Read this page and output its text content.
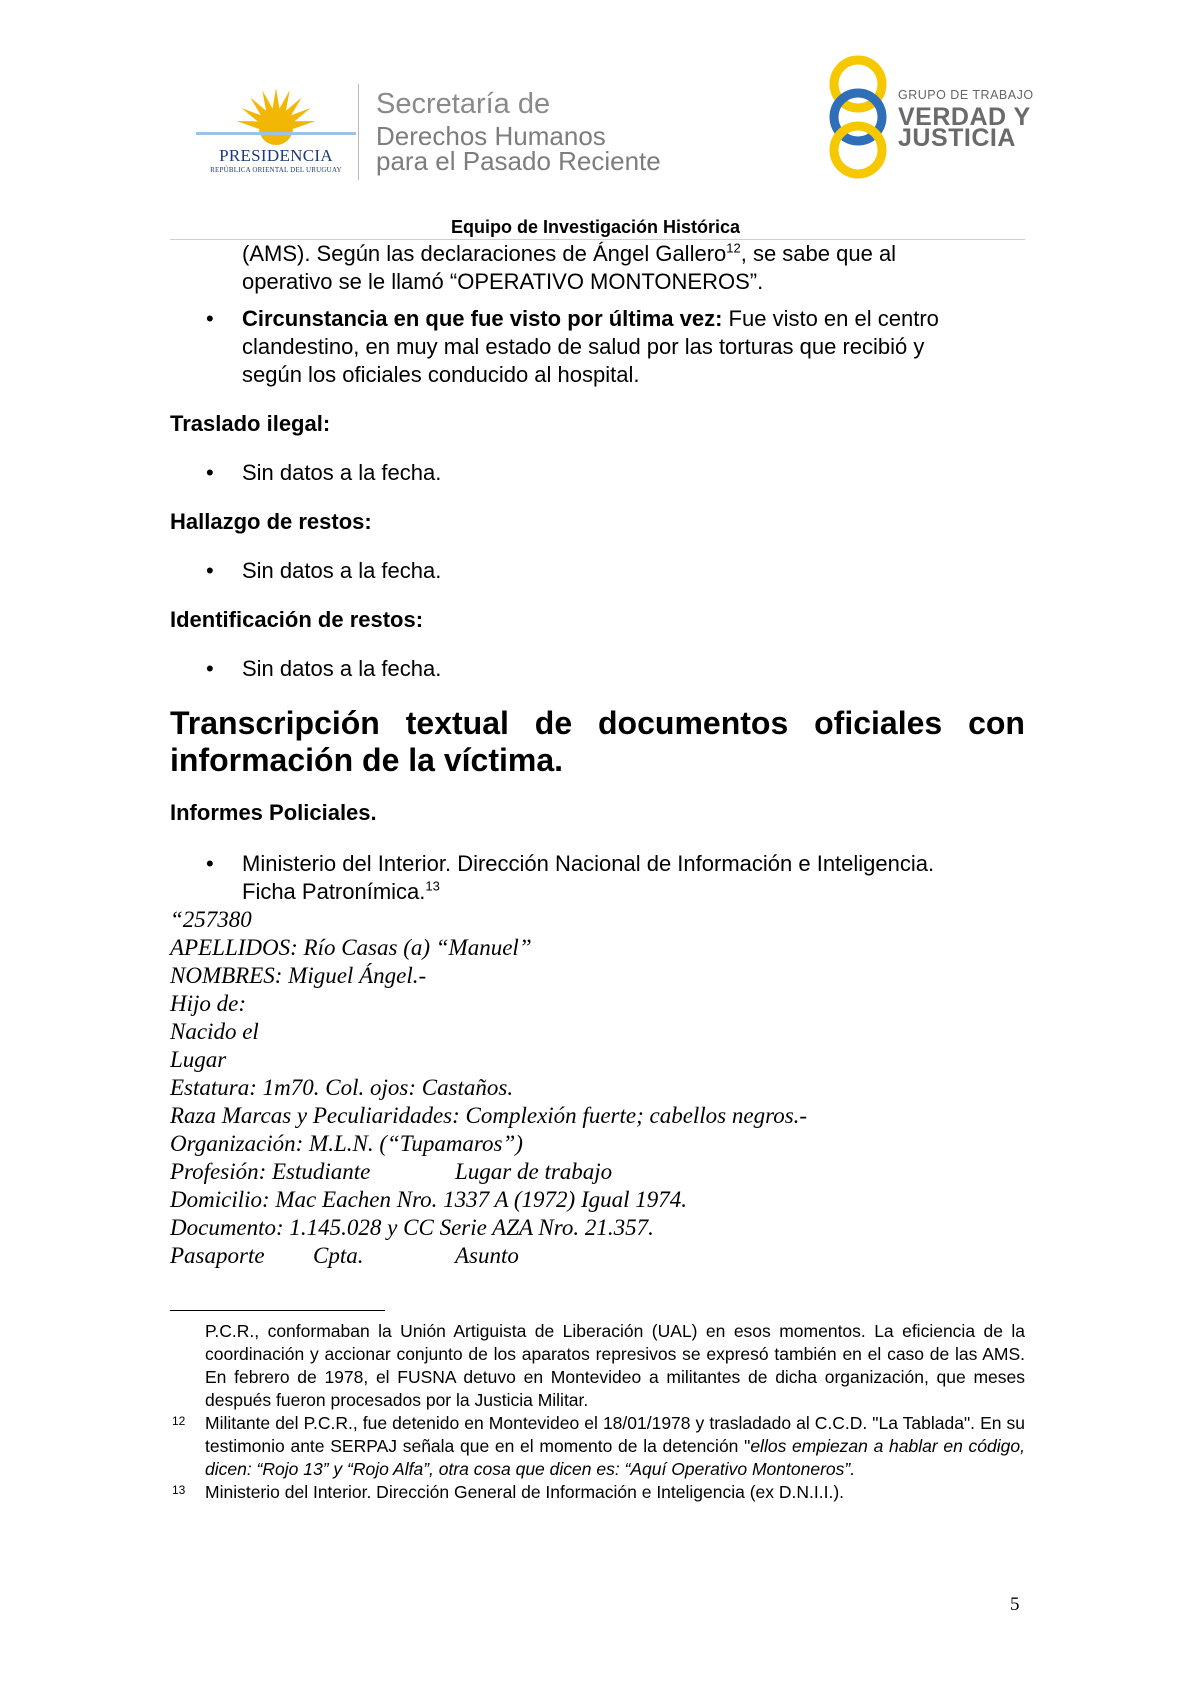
PRESIDENCIA
REPÚBLICA ORIENTAL DEL URUGUAY
Secretaría de
Derechos Humanos
para el Pasado Reciente
GRUPO DE TRABAJO
VERDAD Y
JUSTICIA
Equipo de Investigación Histórica

(AMS). Según las declaraciones de Ángel Gallero$^{12}$, se sabe que al

operativo se le llamó “OPERATIVO MONTONEROS”.

• Circunstancia en que fue visto por última vez: Fue visto en el centro

clandestino, en muy mal estado de salud por las torturas que recibió y

según los oficiales conducido al hospital.

Traslado ilegal:

• Sin datos a la fecha.

Hallazgo de restos:

• Sin datos a la fecha.

Identificación de restos:

• Sin datos a la fecha.

Transcripción textual de documentos oficiales con
información de la víctima.

Informes Policiales.

• Ministerio del Interior. Dirección Nacional de Información e Inteligencia.

Ficha Patronímica.$^{13}$

“257380

APELLIDOS: Río Casas (a) “Manuel”

NOMBRES: Miguel Ángel.-

Hijo de:

Nacido el

Lugar

Estatura: 1m70. Col. ojos: Castaños.

Raza Marcas y Peculiaridades: Complexión fuerte; cabellos negros.-

Organización: M.L.N. (“Tupamaros”)

Profesión: Estudiante	Lugar de trabajo

Domicilio: Mac Eachen Nro. 1337 A (1972) Igual 1974.

Documento: 1.145.028 y CC Serie AZA Nro. 21.357.

Pasaporte Cpta.	Asunto

P.C.R., conformaban la Unión Artiguista de Liberación (UAL) en esos momentos. La eficiencia de la coordinación y accionar conjunto de los aparatos represivos se expresó también en el caso de las AMS. En febrero de 1978, el FUSNA detuvo en Montevideo a militantes de dicha organización, que meses después fueron procesados por la Justicia Militar.

12 Militante del P.C.R., fue detenido en Montevideo el 18/01/1978 y trasladado al C.C.D. "La Tablada". En su testimonio ante SERPAJ señala que en el momento de la detención "ellos empiezan a hablar en código, dicen: “Rojo 13” y “Rojo Alfa”, otra cosa que dicen es: “Aquí Operativo Montoneros”.

13 Ministerio del Interior. Dirección General de Información e Inteligencia (ex D.N.I.I.).

5
